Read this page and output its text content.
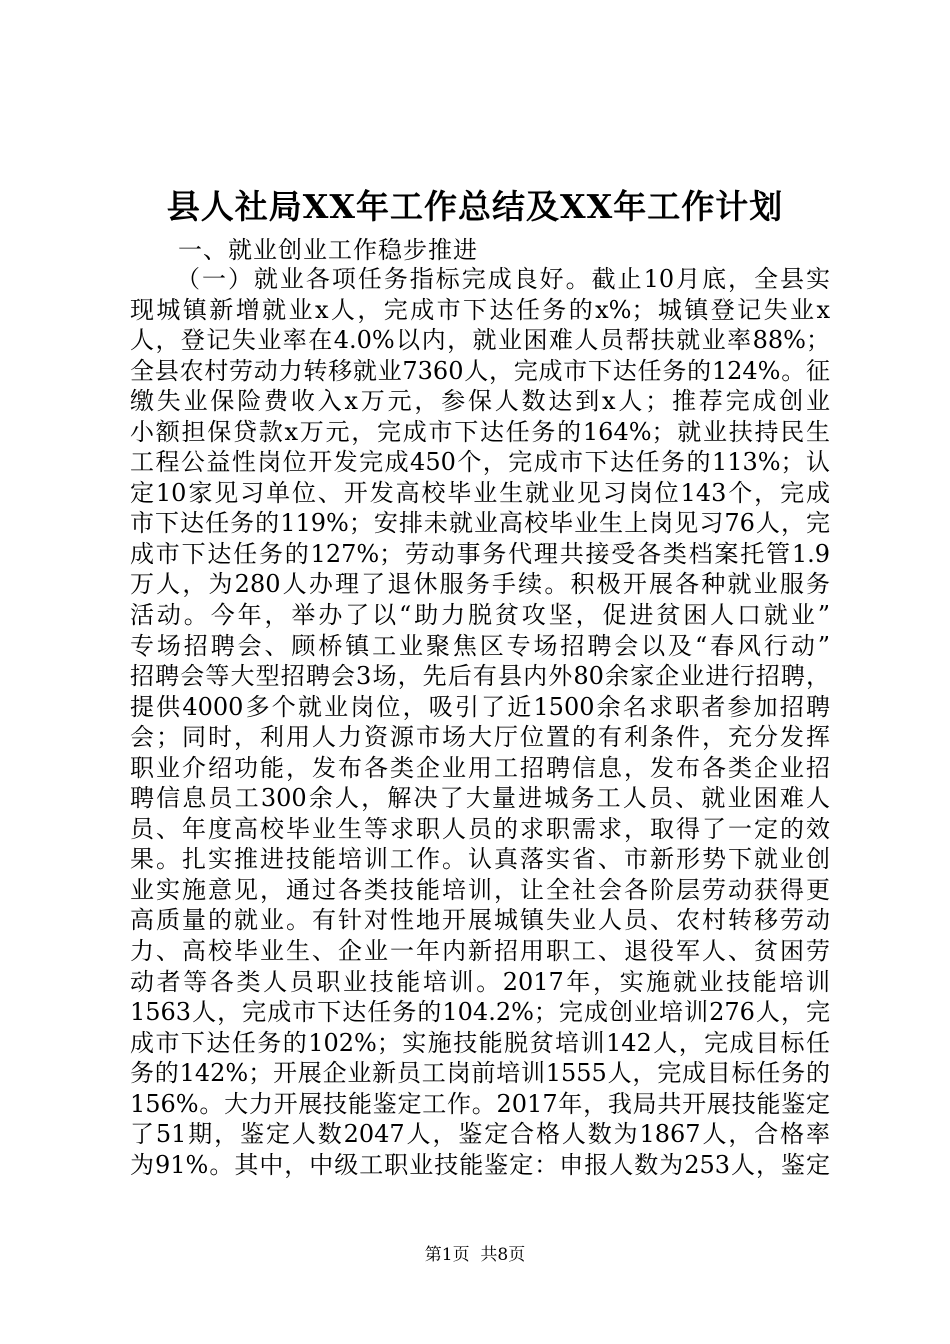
县人社局XX年工作总结及XX年工作计划

一、就业创业工作稳步推进

（一）就业各项任务指标完成良好。截止10月底，全县实
现城镇新增就业x人，完成市下达任务的x%；城镇登记失业x
人，登记失业率在4.0%以内，就业困难人员帮扶就业率88%；
全县农村劳动力转移就业7360人，完成市下达任务的124%。征
缴失业保险费收入x万元，参保人数达到x人；推荐完成创业
小额担保贷款x万元，完成市下达任务的164%；就业扶持民生
工程公益性岗位开发完成450个，完成市下达任务的113%；认
定10家见习单位、开发高校毕业生就业见习岗位143个，完成
市下达任务的119%；安排未就业高校毕业生上岗见习76人，完
成市下达任务的127%；劳动事务代理共接受各类档案托管1.9
万人，为280人办理了退休服务手续。积极开展各种就业服务
活动。今年，举办了以“助力脱贫攻坚，促进贫困人口就业”
专场招聘会、顾桥镇工业聚焦区专场招聘会以及“春风行动”
招聘会等大型招聘会3场，先后有县内外80余家企业进行招聘，
提供4000多个就业岗位，吸引了近1500余名求职者参加招聘
会；同时，利用人力资源市场大厅位置的有利条件，充分发挥
职业介绍功能，发布各类企业用工招聘信息，发布各类企业招
聘信息员工300余人，解决了大量进城务工人员、就业困难人
员、年度高校毕业生等求职人员的求职需求，取得了一定的效
果。扎实推进技能培训工作。认真落实省、市新形势下就业创
业实施意见，通过各类技能培训，让全社会各阶层劳动获得更
高质量的就业。有针对性地开展城镇失业人员、农村转移劳动
力、高校毕业生、企业一年内新招用职工、退役军人、贫困劳
动者等各类人员职业技能培训。2017年，实施就业技能培训
1563人，完成市下达任务的104.2%；完成创业培训276人，完
成市下达任务的102%；实施技能脱贫培训142人，完成目标任
务的142%；开展企业新员工岗前培训1555人，完成目标任务的
156%。大力开展技能鉴定工作。2017年，我局共开展技能鉴定
了51期，鉴定人数2047人，鉴定合格人数为1867人，合格率
为91%。其中，中级工职业技能鉴定：申报人数为253人，鉴定
第1页  共8页
